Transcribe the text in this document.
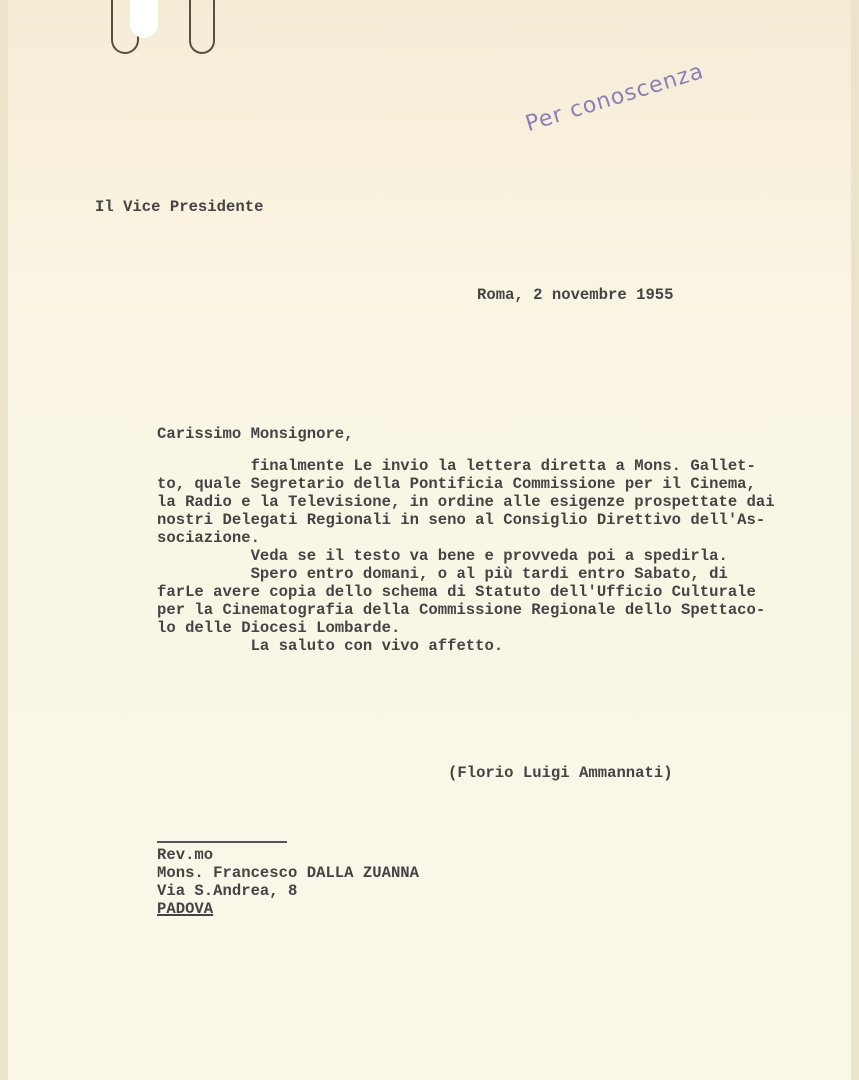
Per conoscenza
Il Vice Presidente
Roma, 2 novembre 1955
Carissimo Monsignore,
finalmente Le invio la lettera diretta a Mons. Gallet-
to, quale Segretario della Pontificia Commissione per il Cinema,
la Radio e la Televisione, in ordine alle esigenze prospettate dai
nostri Delegati Regionali in seno al Consiglio Direttivo dell'As-
sociazione.
Veda se il testo va bene e provveda poi a spedirla.
Spero entro domani, o al più tardi entro Sabato, di
farLe avere copia dello schema di Statuto dell'Ufficio Culturale
per la Cinematografia della Commissione Regionale dello Spettaco-
lo delle Diocesi Lombarde.
La saluto con vivo affetto.
(Florio Luigi Ammannati)
Rev.mo
Mons. Francesco DALLA ZUANNA
Via S.Andrea, 8
PADOVA
